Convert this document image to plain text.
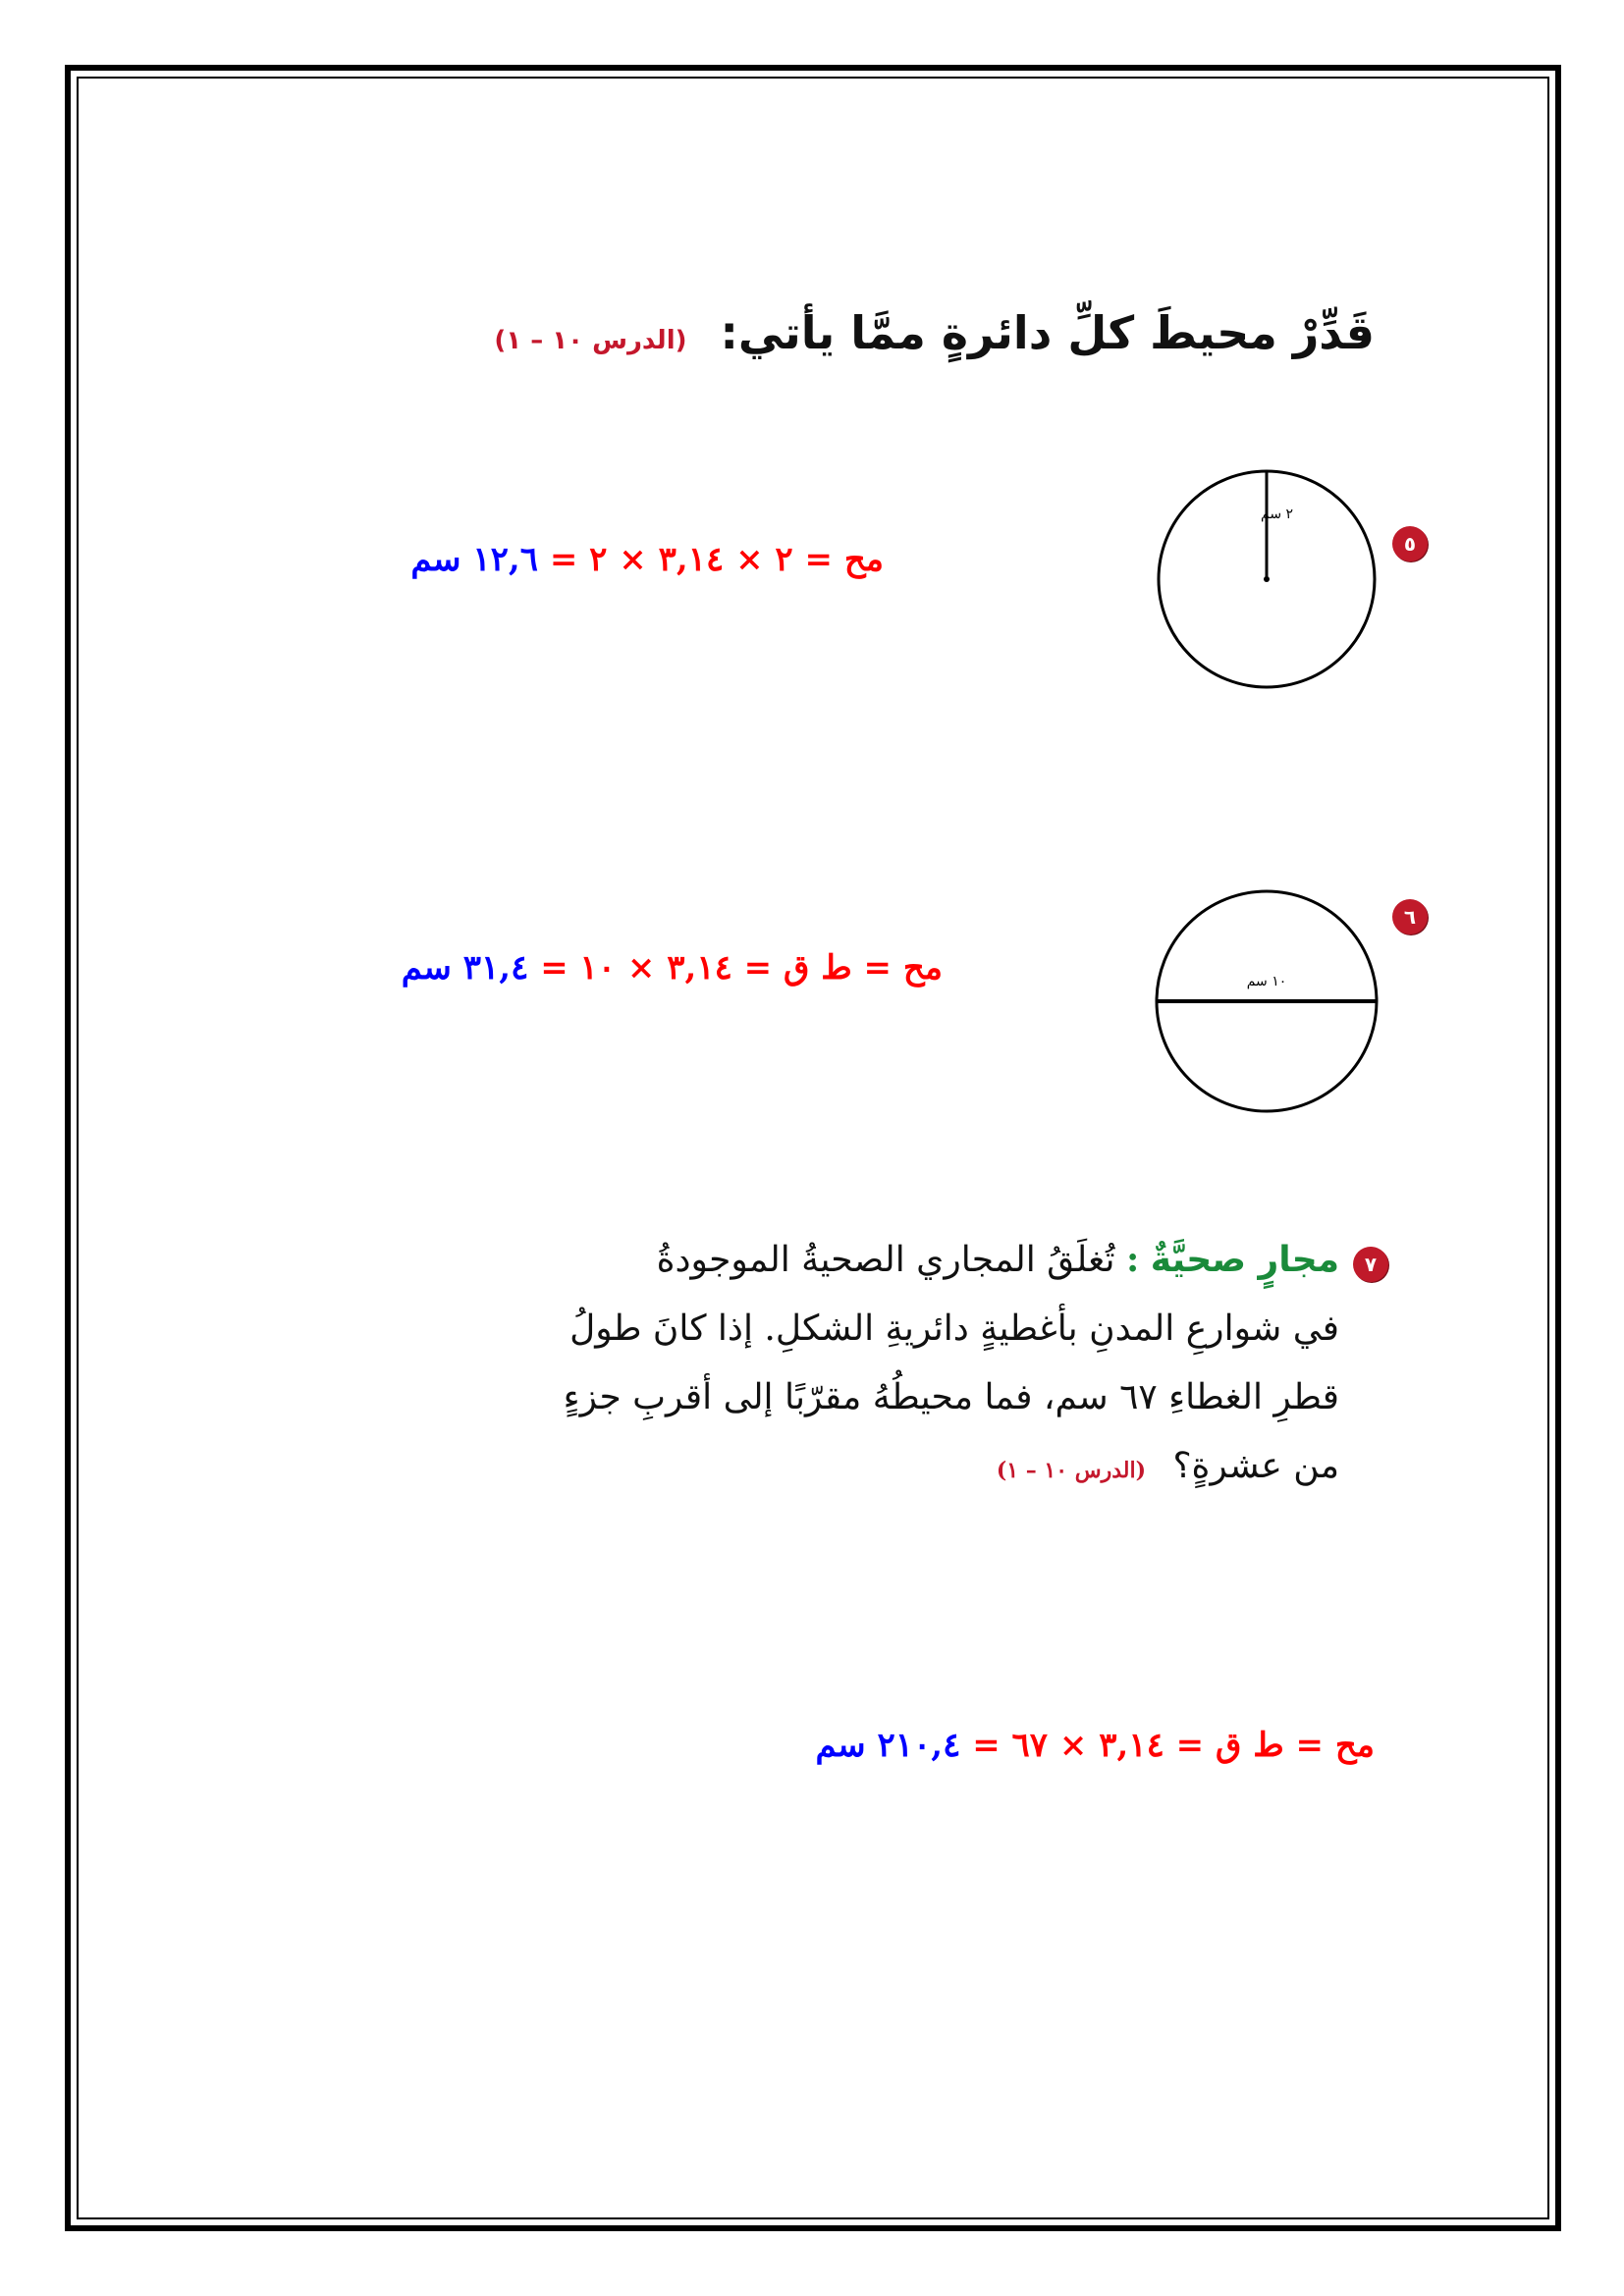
قَدِّرْ محيطَ كلِّ دائرةٍ ممَّا يأتي: (الدرس ١٠ – ١)
٥
٢ سم
مح = ٢ × ٣,١٤ × ٢ = ١٢,٦ سم
٦
١٠ سم
مح = ط ق = ٣,١٤ × ١٠ = ٣١,٤ سم
٧
مجارٍ صحيَّةٌ : تُغلَقُ المجاري الصحيةُ الموجودةُ
في شوارعِ المدنِ بأغطيةٍ دائريةِ الشكلِ. إذا كانَ طولُ
قطرِ الغطاءِ ٦٧ سم، فما محيطُهُ مقرّبًا إلى أقربِ جزءٍ
من عشرةٍ؟ (الدرس ١٠ – ١)
مح = ط ق = ٣,١٤ × ٦٧ = ٢١٠,٤ سم
